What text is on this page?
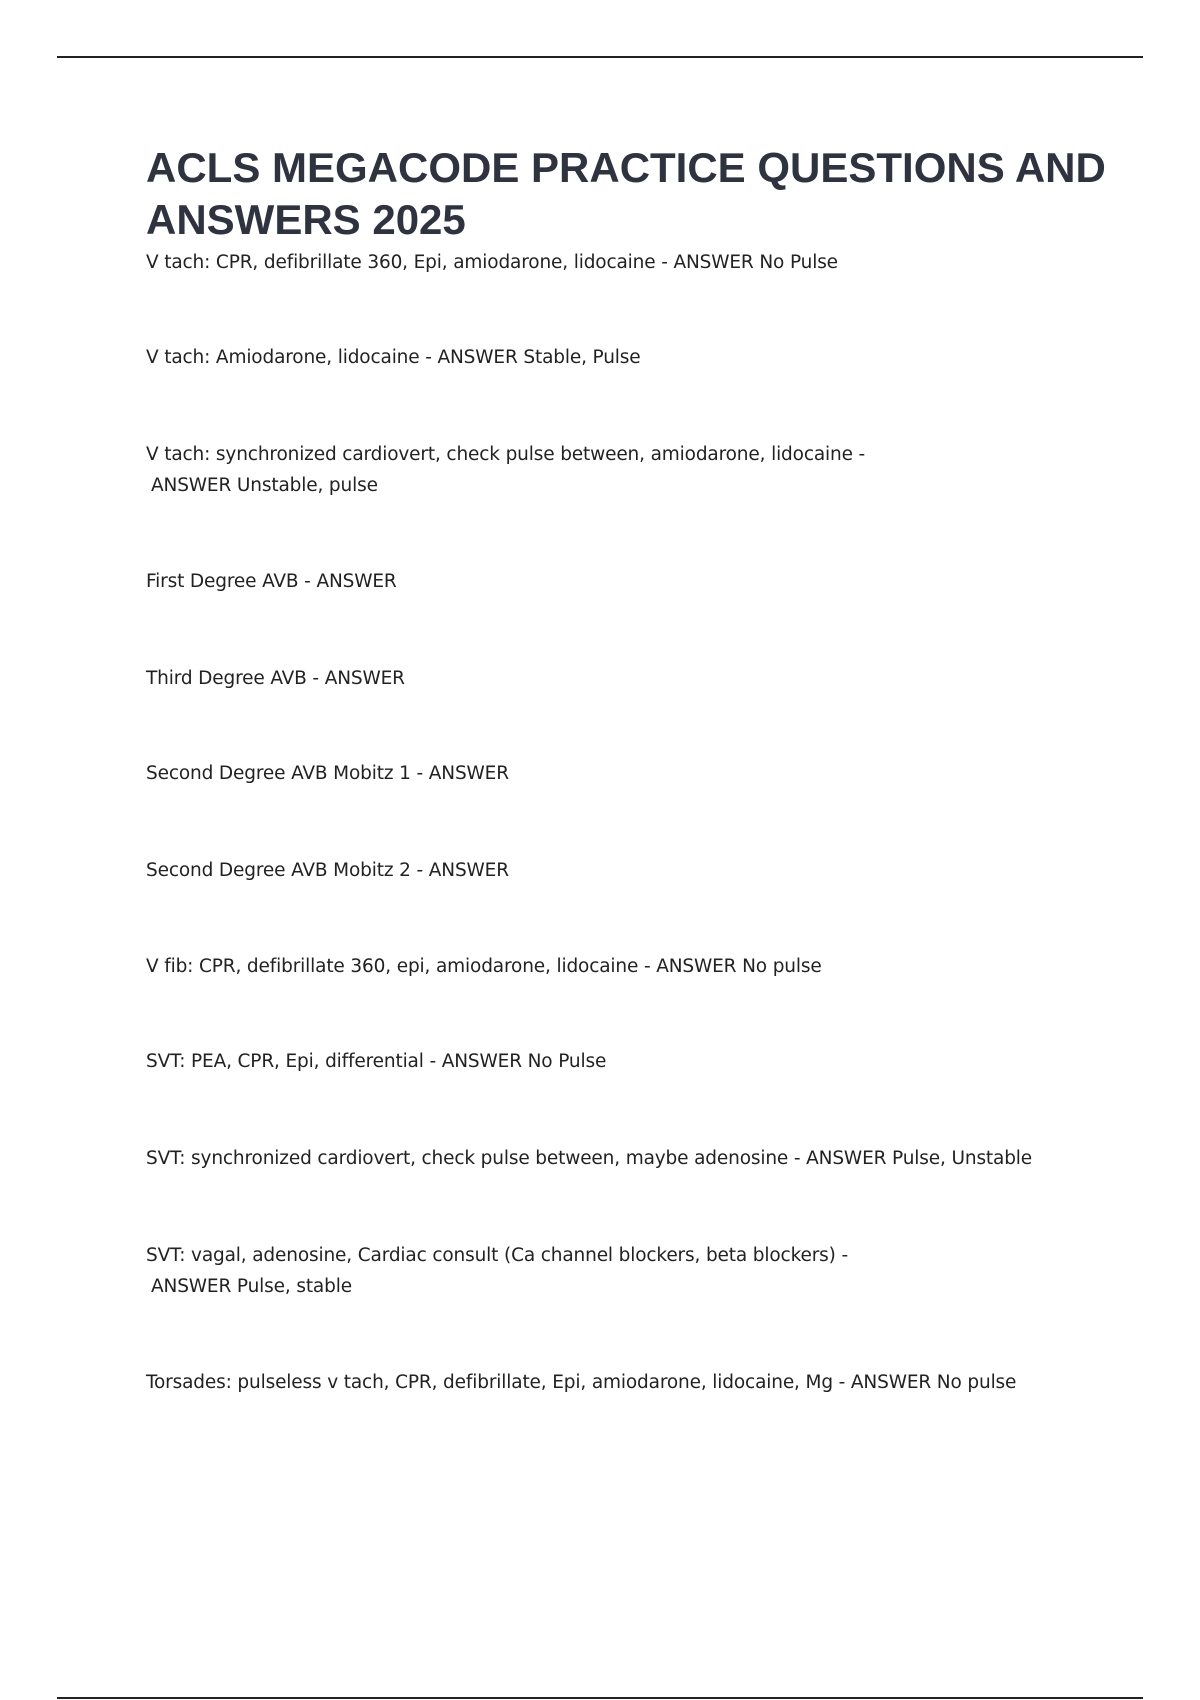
ACLS MEGACODE PRACTICE QUESTIONS AND ANSWERS 2025

V tach: CPR, defibrillate 360, Epi, amiodarone, lidocaine - ANSWER No Pulse

V tach: Amiodarone, lidocaine - ANSWER Stable, Pulse

V tach: synchronized cardiovert, check pulse between, amiodarone, lidocaine -
ANSWER Unstable, pulse

First Degree AVB - ANSWER

Third Degree AVB - ANSWER

Second Degree AVB Mobitz 1 - ANSWER

Second Degree AVB Mobitz 2 - ANSWER

V fib: CPR, defibrillate 360, epi, amiodarone, lidocaine - ANSWER No pulse

SVT: PEA, CPR, Epi, differential - ANSWER No Pulse

SVT: synchronized cardiovert, check pulse between, maybe adenosine - ANSWER Pulse, Unstable

SVT: vagal, adenosine, Cardiac consult (Ca channel blockers, beta blockers) -
ANSWER Pulse, stable

Torsades: pulseless v tach, CPR, defibrillate, Epi, amiodarone, lidocaine, Mg - ANSWER No pulse
